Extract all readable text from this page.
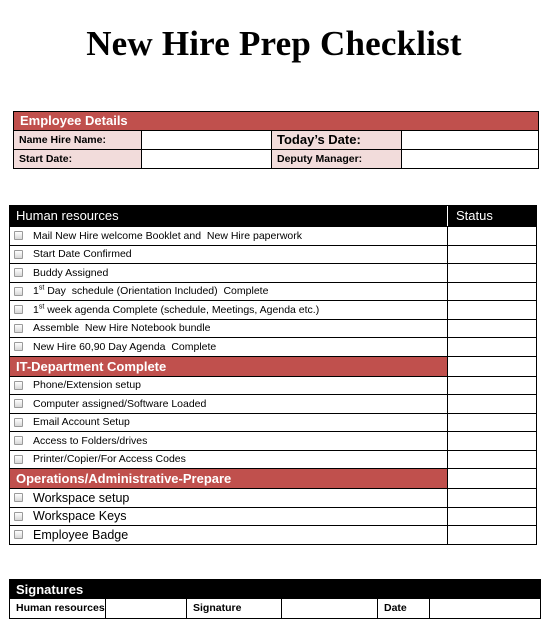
New Hire Prep Checklist
Employee Details
Name Hire Name:	Today’s Date:
Start Date:	Deputy Manager:
Human resources	Status
Mail New Hire welcome Booklet and  New Hire paperwork
Start Date Confirmed
Buddy Assigned
1st Day  schedule (Orientation Included)  Complete
1st week agenda Complete (schedule, Meetings, Agenda etc.)
Assemble  New Hire Notebook bundle
New Hire 60,90 Day Agenda  Complete
IT-Department Complete
Phone/Extension setup
Computer assigned/Software Loaded
Email Account Setup
Access to Folders/drives
Printer/Copier/For Access Codes
Operations/Administrative-Prepare
Workspace setup
Workspace Keys
Employee Badge
Signatures
Human resources	Signature	Date
